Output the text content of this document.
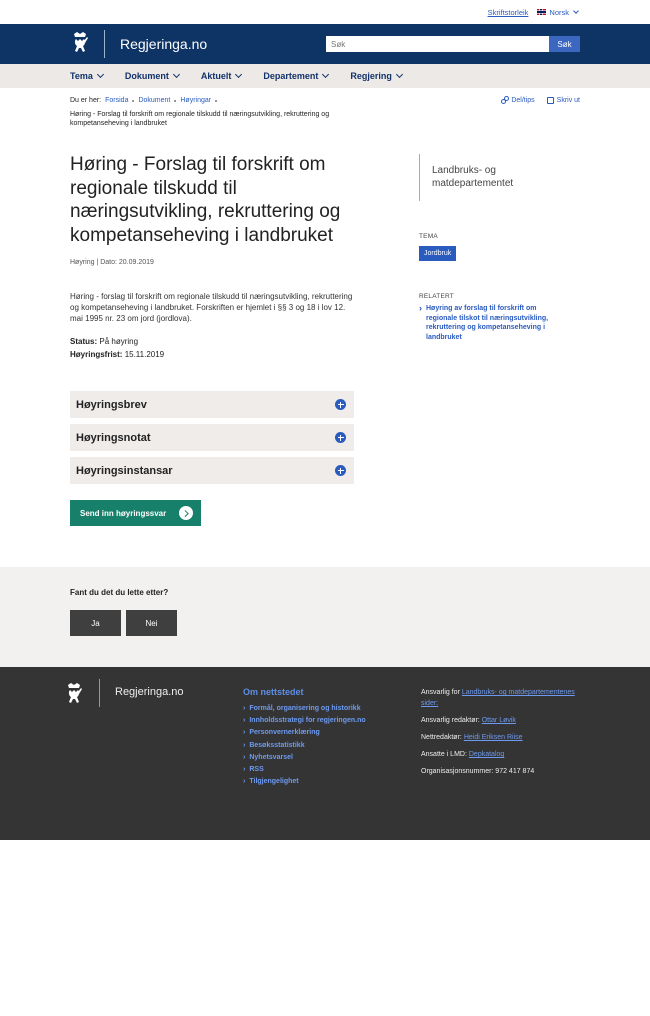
Skriftstorleik	Norsk
Regjeringa.no
Søk	Søk
Tema	Dokument	Aktuelt	Departement	Regjering
Du er her: Forsida Dokument Høyringar
Høring - Forslag til forskrift om regionale tilskudd til næringsutvikling, rekruttering og kompetanseheving i landbruket
Del/tips	Skriv ut
Høring - Forslag til forskrift om regionale tilskudd til næringsutvikling, rekruttering og kompetanseheving i landbruket
Høyring | Dato: 20.09.2019

Høring - forslag til forskrift om regionale tilskudd til næringsutvikling, rekruttering og kompetanseheving i landbruket. Forskriften er hjemlet i §§ 3 og 18 i lov 12. mai 1995 nr. 23 om jord (jordlova).

Status: På høyring
Høyringsfrist: 15.11.2019
Høyringsbrev
Høyringsnotat
Høyringsinstansar
Send inn høyringssvar
Landbruks- og matdepartementet
TEMA
Jordbruk
RELATERT
› Høyring av forslag til forskrift om regionale tilskot til næringsutvikling, rekruttering og kompetanseheving i landbruket
Fant du det du lette etter?
Ja	Nei
Regjeringa.no	Om nettstedet
› Formål, organisering og historikk
› Innholdsstrategi for regjeringen.no
› Personvernerklæring
› Besøksstatistikk
› Nyhetsvarsel
› RSS
› Tilgjengelighet
Ansvarlig for Landbruks- og matdepartementenes sider:
Ansvarlig redaktør: Ottar Løvik
Nettredaktør: Heidi Eriksen Riise
Ansatte i LMD: Depkatalog
Organisasjonsnummer: 972 417 874
